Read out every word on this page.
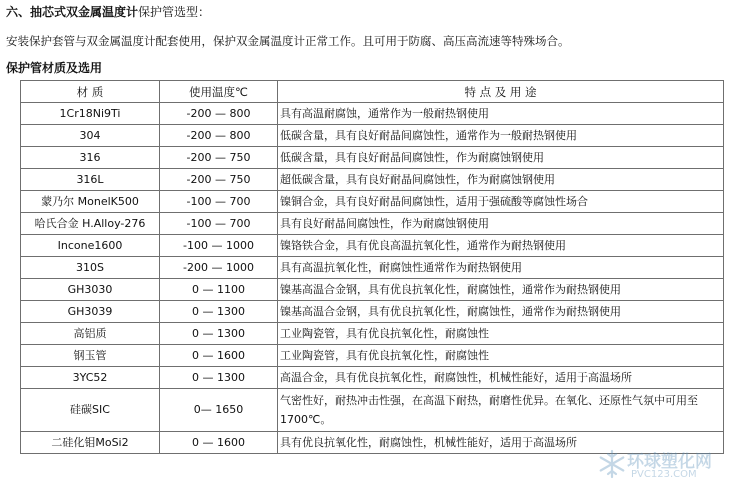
六、抽芯式双金属温度计保护管选型：
安装保护套管与双金属温度计配套使用，保护双金属温度计正常工作。且可用于防腐、高压高流速等特殊场合。
保护管材质及选用
材 质	使用温度℃	特 点 及 用 途
1Cr18Ni9Ti	-200 — 800	具有高温耐腐蚀，通常作为一般耐热钢使用
304	-200 — 800	低碳含量，具有良好耐晶间腐蚀性，通常作为一般耐热钢使用
316	-200 — 750	低碳含量，具有良好耐晶间腐蚀性，作为耐腐蚀钢使用
316L	-200 — 750	超低碳含量，具有良好耐晶间腐蚀性，作为耐腐蚀钢使用
蒙乃尔 MonelK500	-100 — 700	镍铜合金，具有良好耐晶间腐蚀性，适用于强硫酸等腐蚀性场合
哈氏合金 H.Alloy-276	-100 — 700	具有良好耐晶间腐蚀性，作为耐腐蚀钢使用
Incone1600	-100 — 1000	镍铬铁合金，具有优良高温抗氧化性，通常作为耐热钢使用
310S	-200 — 1000	具有高温抗氧化性，耐腐蚀性通常作为耐热钢使用
GH3030	0 — 1100	镍基高温合金钢，具有优良抗氧化性，耐腐蚀性，通常作为耐热钢使用
GH3039	0 — 1300	镍基高温合金钢，具有优良抗氧化性，耐腐蚀性，通常作为耐热钢使用
高铝质	0 — 1300	工业陶瓷管，具有优良抗氧化性，耐腐蚀性
钢玉管	0 — 1600	工业陶瓷管，具有优良抗氧化性，耐腐蚀性
3YC52	0 — 1300	高温合金，具有优良抗氧化性，耐腐蚀性，机械性能好，适用于高温场所
硅碳SIC	0— 1650	气密性好，耐热冲击性强，在高温下耐热，耐磨性优异。在氧化、还原性气氛中可用至1700℃。
二硅化钼MoSi2	0 — 1600	具有优良抗氧化性，耐腐蚀性，机械性能好，适用于高温场所
环球塑化网
PVC123.COM
